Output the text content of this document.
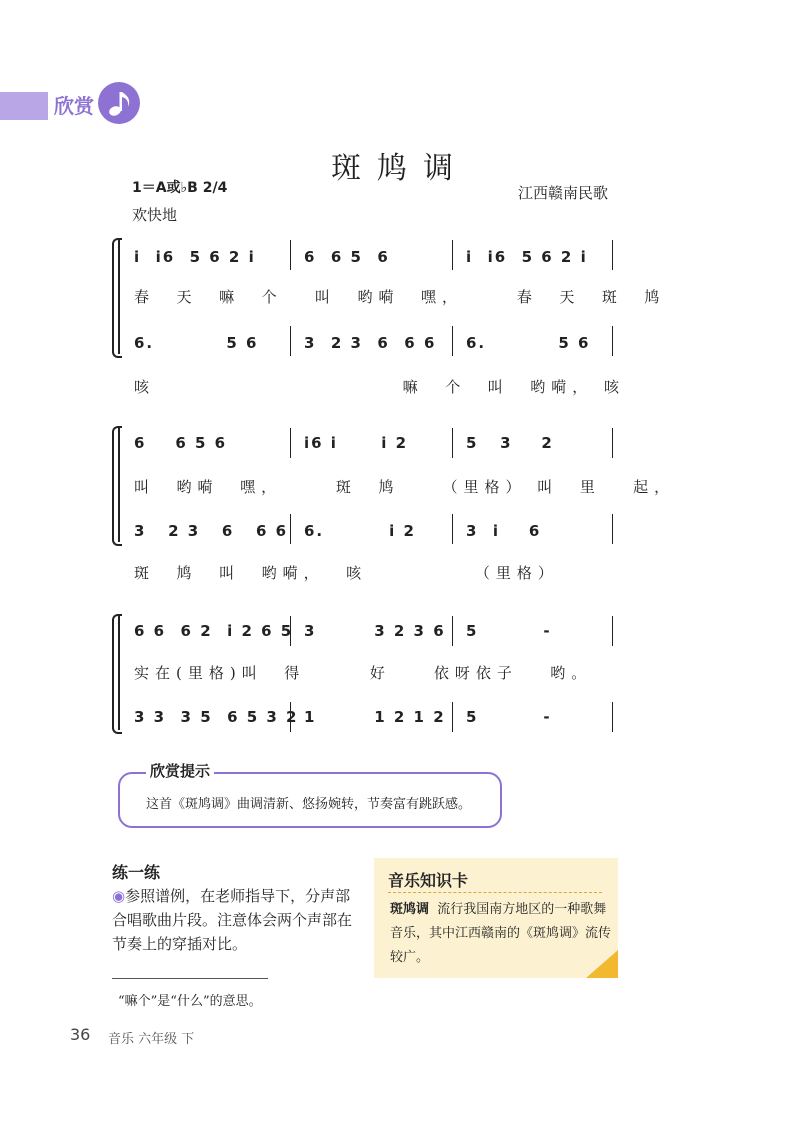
欣赏
斑鸠调
1＝A或♭B 2/4	江西赣南民歌
欢快地
i  i6  5 6 2 i	6  6 5  6	i  i6  5 6 2 i
春  天  嘛  个   叫  哟嗬  嘿，     春  天  斑  鸠
6.          5 6	3  2 3  6  6 6 6.          5 6
咳                       嘛  个  叫  哟嗬， 咳
6    6 5 6	i6 i      i 2	5   3    2
叫  哟嗬  嘿，     斑  鸠    （里格） 叫  里   起，
3   2 3   6   6 6 6.         i 2	3  i    6
斑  鸠  叫  哟嗬，  咳          （里格）
6 6  6 2  i 2 6 5 3        3 2 3 6 5         -
实在(里格)叫  得      好    依呀依子   哟。
3 3  3 5  6 5 3 2 1        1 2 1 2 5         -
欣赏提示
这首《斑鸠调》曲调清新、悠扬婉转，节奏富有跳跃感。
练一练
◉参照谱例，在老师指导下，分声部合唱歌曲片段。注意体会两个声部在节奏上的穿插对比。
音乐知识卡
斑鸠调 流行我国南方地区的一种歌舞音乐，其中江西赣南的《斑鸠调》流传较广。
“嘛个”是“什么”的意思。
36 音乐 六年级 下
